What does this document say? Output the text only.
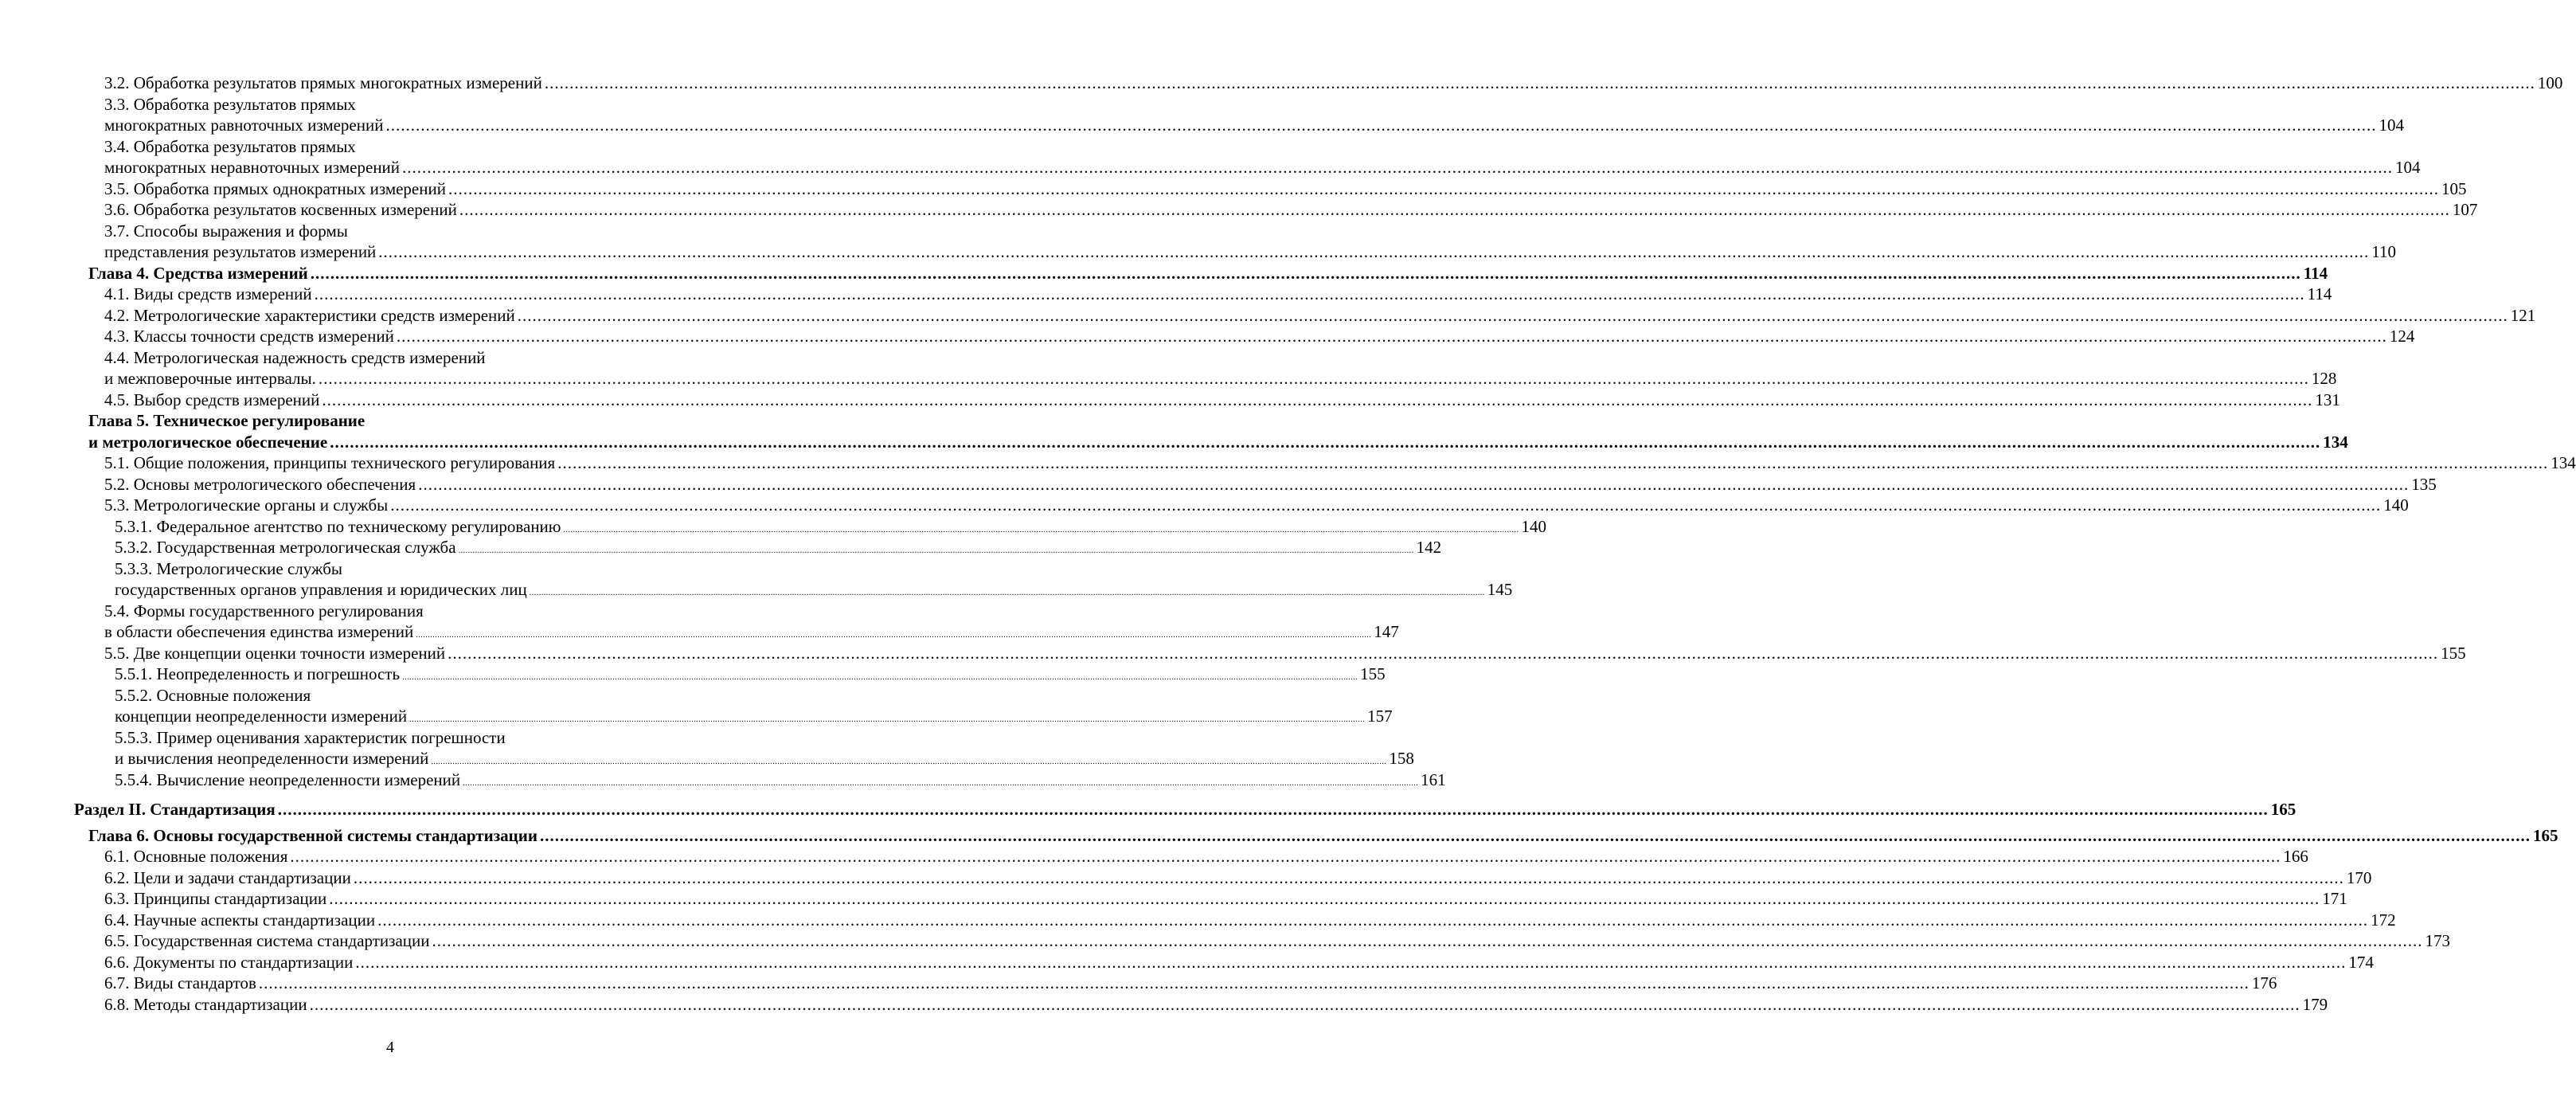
3.2. Обработка результатов прямых многократных измерений ................................................................................................................................................................................................................................................................................................................................................................................................................ 100
3.3. Обработка результатов прямых
многократных равноточных измерений ................................................................................................................................................................................................................................................................................................................................................................................................................ 104
3.4. Обработка результатов прямых
многократных неравноточных измерений ................................................................................................................................................................................................................................................................................................................................................................................................................ 104
3.5. Обработка прямых однократных измерений ................................................................................................................................................................................................................................................................................................................................................................................................................ 105
3.6. Обработка результатов косвенных измерений ................................................................................................................................................................................................................................................................................................................................................................................................................ 107
3.7. Способы выражения и формы
представления результатов измерений ................................................................................................................................................................................................................................................................................................................................................................................................................ 110
Глава 4. Средства измерений ................................................................................................................................................................................................................................................................................................................................................................................................................ 114
4.1. Виды средств измерений ................................................................................................................................................................................................................................................................................................................................................................................................................ 114
4.2. Метрологические характеристики средств измерений ................................................................................................................................................................................................................................................................................................................................................................................................................ 121
4.3. Классы точности средств измерений ................................................................................................................................................................................................................................................................................................................................................................................................................ 124
4.4. Метрологическая надежность средств измерений
и межповерочные интервалы. ................................................................................................................................................................................................................................................................................................................................................................................................................ 128
4.5. Выбор средств измерений ................................................................................................................................................................................................................................................................................................................................................................................................................ 131
Глава 5. Техническое регулирование
и метрологическое обеспечение ................................................................................................................................................................................................................................................................................................................................................................................................................ 134
5.1. Общие положения, принципы технического регулирования ................................................................................................................................................................................................................................................................................................................................................................................................................ 134
5.2. Основы метрологического обеспечения ................................................................................................................................................................................................................................................................................................................................................................................................................ 135
5.3. Метрологические органы и службы ................................................................................................................................................................................................................................................................................................................................................................................................................ 140
5.3.1. Федеральное агентство по техническому регулированию ................................................................................................................................................................................................................................................................................................................................................................................................................ 140
5.3.2. Государственная метрологическая служба ................................................................................................................................................................................................................................................................................................................................................................................................................ 142
5.3.3. Метрологические службы
государственных органов управления и юридических лиц ................................................................................................................................................................................................................................................................................................................................................................................................................ 145
5.4. Формы государственного регулирования
в области обеспечения единства измерений ................................................................................................................................................................................................................................................................................................................................................................................................................ 147
5.5. Две концепции оценки точности измерений ................................................................................................................................................................................................................................................................................................................................................................................................................ 155
5.5.1. Неопределенность и погрешность ................................................................................................................................................................................................................................................................................................................................................................................................................ 155
5.5.2. Основные положения
концепции неопределенности измерений ................................................................................................................................................................................................................................................................................................................................................................................................................ 157
5.5.3. Пример оценивания характеристик погрешности
и вычисления неопределенности измерений ................................................................................................................................................................................................................................................................................................................................................................................................................ 158
5.5.4. Вычисление неопределенности измерений ................................................................................................................................................................................................................................................................................................................................................................................................................ 161
Раздел II. Стандартизация ................................................................................................................................................................................................................................................................................................................................................................................................................ 165
Глава 6. Основы государственной системы стандартизации ................................................................................................................................................................................................................................................................................................................................................................................................................ 165
6.1. Основные положения ................................................................................................................................................................................................................................................................................................................................................................................................................ 166
6.2. Цели и задачи стандартизации ................................................................................................................................................................................................................................................................................................................................................................................................................ 170
6.3. Принципы стандартизации ................................................................................................................................................................................................................................................................................................................................................................................................................ 171
6.4. Научные аспекты стандартизации ................................................................................................................................................................................................................................................................................................................................................................................................................ 172
6.5. Государственная система стандартизации ................................................................................................................................................................................................................................................................................................................................................................................................................ 173
6.6. Документы по стандартизации ................................................................................................................................................................................................................................................................................................................................................................................................................ 174
6.7. Виды стандартов ................................................................................................................................................................................................................................................................................................................................................................................................................ 176
6.8. Методы стандартизации ................................................................................................................................................................................................................................................................................................................................................................................................................ 179
4
